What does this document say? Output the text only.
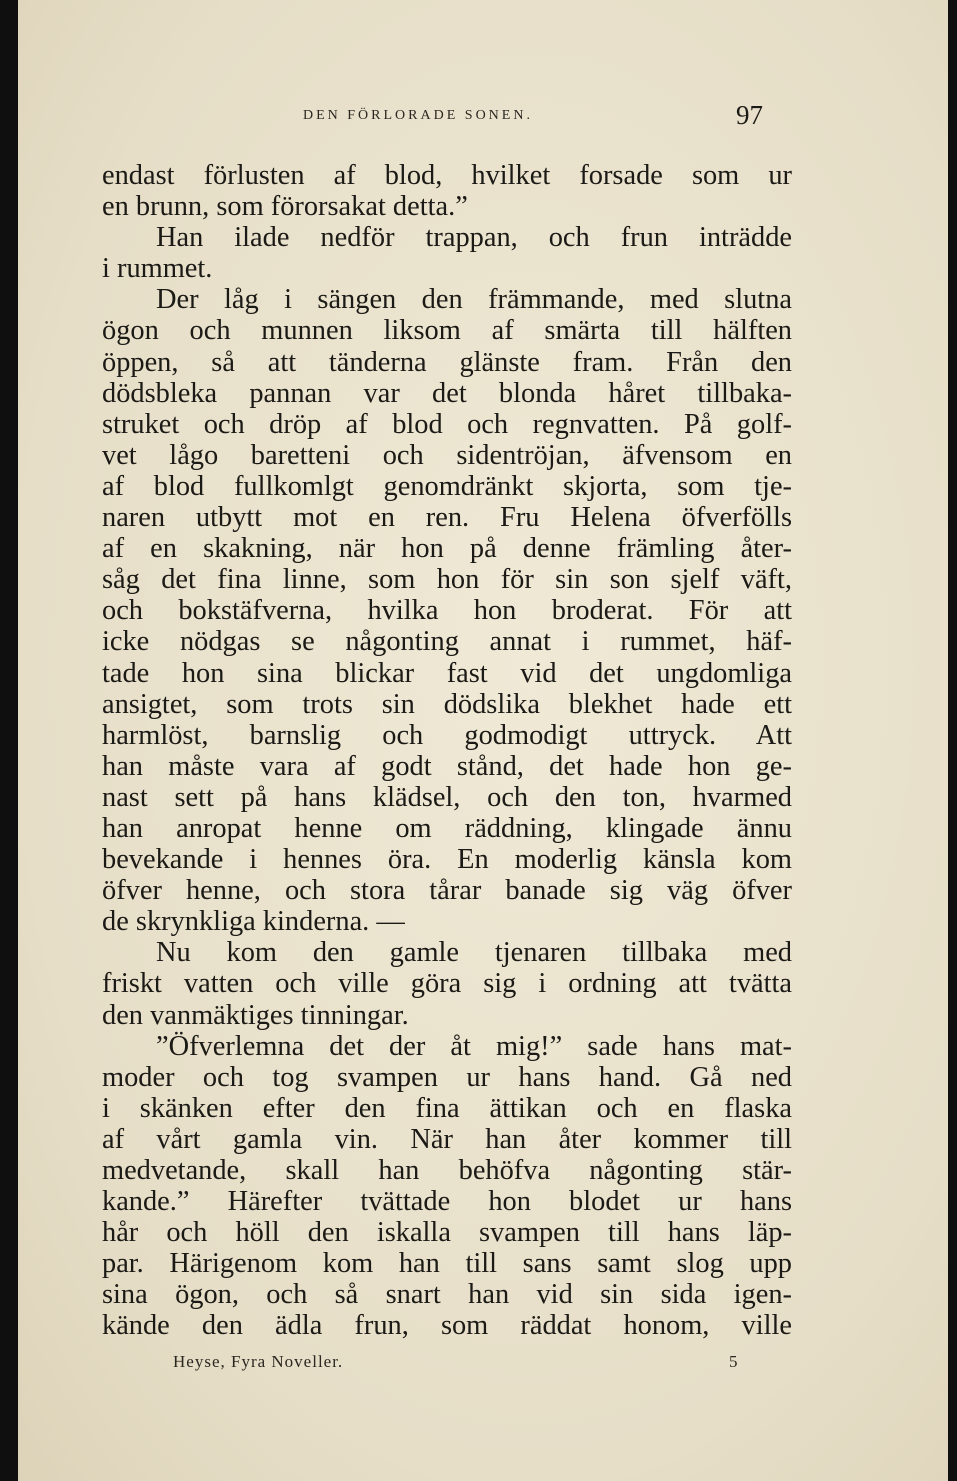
DEN FÖRLORADE SONEN.	97
endast förlusten af blod, hvilket forsade som ur
en brunn, som förorsakat detta.”
Han ilade nedför trappan, och frun inträdde
i rummet.
Der låg i sängen den främmande, med slutna
ögon och munnen liksom af smärta till hälften
öppen, så att tänderna glänste fram. Från den
dödsbleka pannan var det blonda håret tillbaka-
struket och dröp af blod och regnvatten. På golf-
vet lågo baretteni och sidentröjan, äfvensom en
af blod fullkomlgt genomdränkt skjorta, som tje-
naren utbytt mot en ren. Fru Helena öfverfölls
af en skakning, när hon på denne främling åter-
såg det fina linne, som hon för sin son sjelf väft,
och bokstäfverna, hvilka hon broderat. För att
icke nödgas se någonting annat i rummet, häf-
tade hon sina blickar fast vid det ungdomliga
ansigtet, som trots sin dödslika blekhet hade ett
harmlöst, barnslig och godmodigt uttryck. Att
han måste vara af godt stånd, det hade hon ge-
nast sett på hans klädsel, och den ton, hvarmed
han anropat henne om räddning, klingade ännu
bevekande i hennes öra. En moderlig känsla kom
öfver henne, och stora tårar banade sig väg öfver
de skrynkliga kinderna. —
Nu kom den gamle tjenaren tillbaka med
friskt vatten och ville göra sig i ordning att tvätta
den vanmäktiges tinningar.
”Öfverlemna det der åt mig!” sade hans mat-
moder och tog svampen ur hans hand. Gå ned
i skänken efter den fina ättikan och en flaska
af vårt gamla vin. När han åter kommer till
medvetande, skall han behöfva någonting stär-
kande.” Härefter tvättade hon blodet ur hans
hår och höll den iskalla svampen till hans läp-
par. Härigenom kom han till sans samt slog upp
sina ögon, och så snart han vid sin sida igen-
kände den ädla frun, som räddat honom, ville
Heyse, Fyra Noveller.	5
